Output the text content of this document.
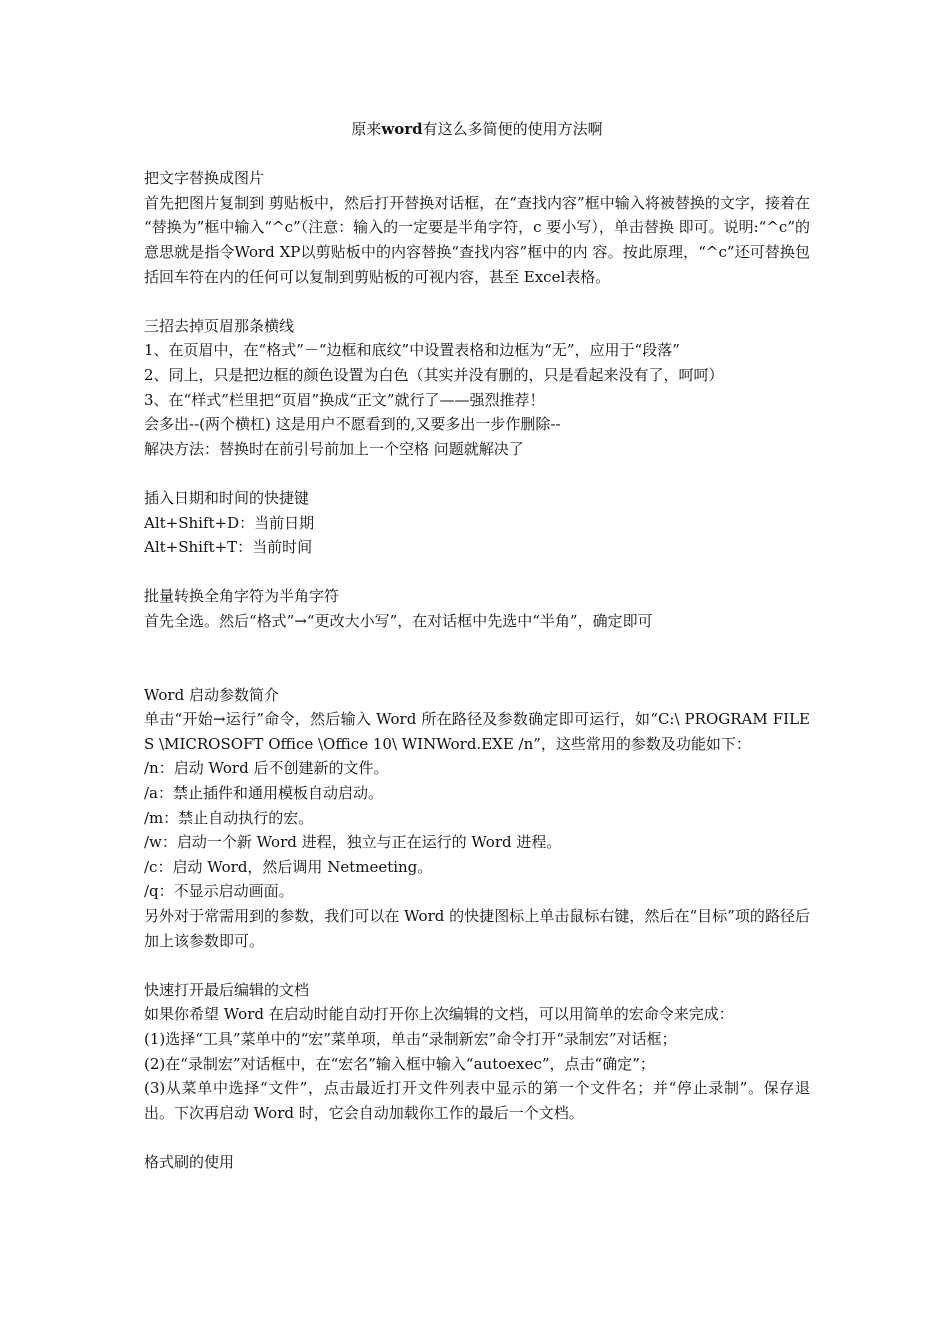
原来word有这么多简便的使用方法啊

把文字替换成图片

首先把图片复制到 剪贴板中，然后打开替换对话框，在“查找内容”框中输入将被替换的文字，接着在 “替换为”框中输入“^c”（注意：输入的一定要是半角字符，c 要小写），单击替换 即可。说明:“^c”的意思就是指令Word XP以剪贴板中的内容替换“查找内容”框中的内 容。按此原理，“^c”还可替换包括回车符在内的任何可以复制到剪贴板的可视内容，甚至 Excel表格。

三招去掉页眉那条横线

1、在页眉中，在“格式”－“边框和底纹”中设置表格和边框为“无”，应用于“段落”

2、同上，只是把边框的颜色设置为白色（其实并没有删的，只是看起来没有了，呵呵）

3、在“样式”栏里把“页眉”换成“正文”就行了——强烈推荐！

会多出--(两个横杠) 这是用户不愿看到的,又要多出一步作删除--

解决方法：替换时在前引号前加上一个空格 问题就解决了

插入日期和时间的快捷键

Alt+Shift+D：当前日期

Alt+Shift+T：当前时间

批量转换全角字符为半角字符

首先全选。然后“格式”→“更改大小写”，在对话框中先选中“半角”，确定即可

Word 启动参数简介

单击“开始→运行”命令，然后输入 Word 所在路径及参数确定即可运行，如“C:\ PROGRAM FILES \MICROSOFT Office \Office 10\ WINWord.EXE /n”，这些常用的参数及功能如下：

/n：启动 Word 后不创建新的文件。

/a：禁止插件和通用模板自动启动。

/m：禁止自动执行的宏。

/w：启动一个新 Word 进程，独立与正在运行的 Word 进程。

/c：启动 Word，然后调用 Netmeeting。

/q：不显示启动画面。

另外对于常需用到的参数，我们可以在 Word 的快捷图标上单击鼠标右键，然后在“目标”项的路径后加上该参数即可。

快速打开最后编辑的文档

如果你希望 Word 在启动时能自动打开你上次编辑的文档，可以用简单的宏命令来完成：

(1)选择“工具”菜单中的“宏”菜单项，单击“录制新宏”命令打开“录制宏”对话框；

(2)在“录制宏”对话框中，在“宏名”输入框中输入“autoexec”，点击“确定”；

(3)从菜单中选择“文件”，点击最近打开文件列表中显示的第一个文件名；并“停止录制”。保存退出。下次再启动 Word 时，它会自动加载你工作的最后一个文档。

格式刷的使用
